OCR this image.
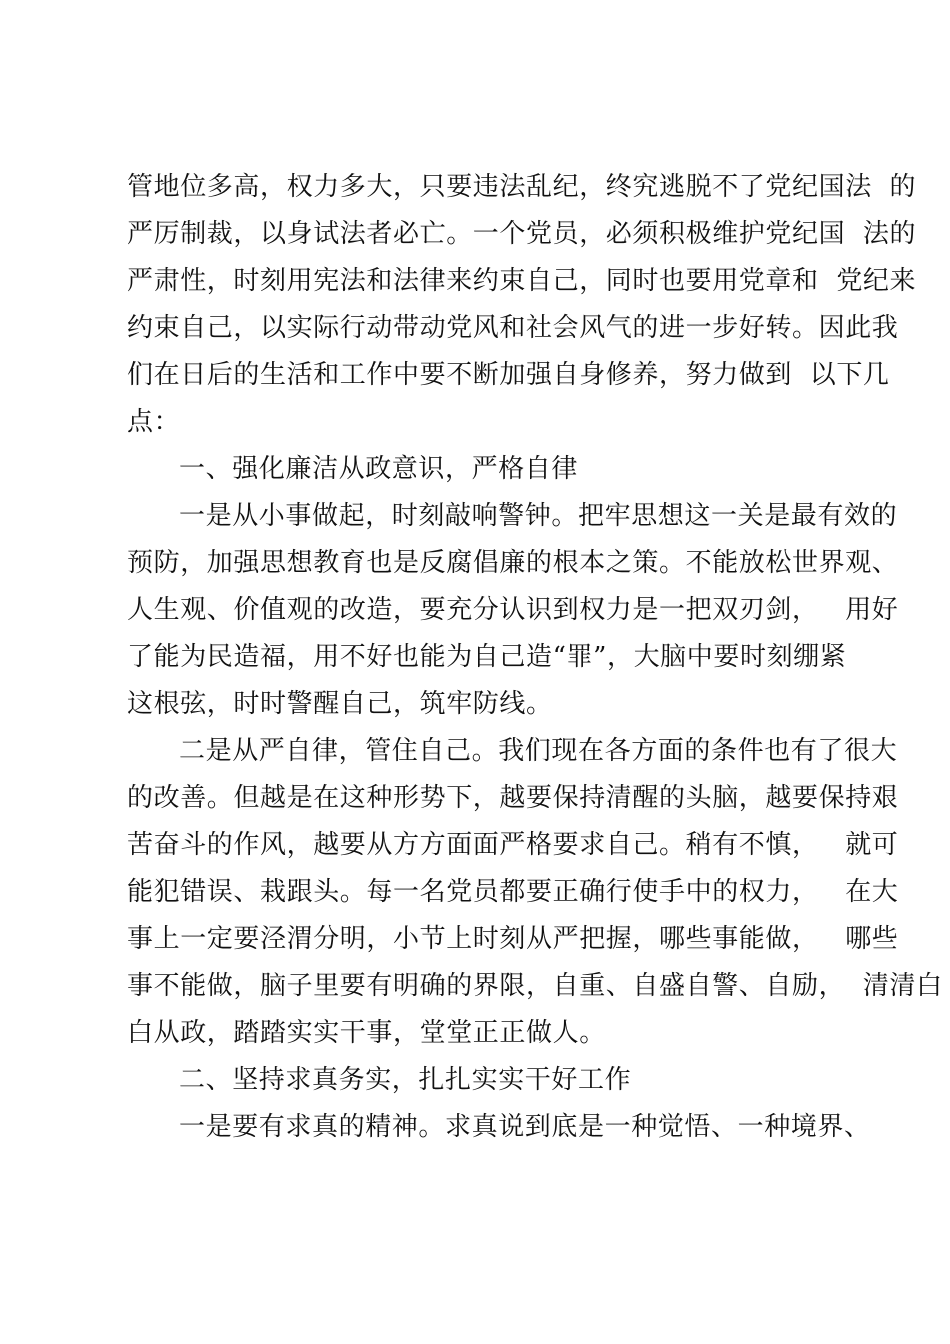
管地位多高，权力多大，只要违法乱纪，终究逃脱不了党纪国法  的
严厉制裁，以身试法者必亡。一个党员，必须积极维护党纪国  法的
严肃性，时刻用宪法和法律来约束自己，同时也要用党章和  党纪来
约束自己，以实际行动带动党风和社会风气的进一步好转。因此我
们在日后的生活和工作中要不断加强自身修养，努力做到  以下几
点：
一、强化廉洁从政意识，严格自律
一是从小事做起，时刻敲响警钟。把牢思想这一关是最有效的
预防，加强思想教育也是反腐倡廉的根本之策。不能放松世界观、
人生观、价值观的改造，要充分认识到权力是一把双刃剑，   用好
了能为民造福，用不好也能为自己造“罪”，大脑中要时刻绷紧
这根弦，时时警醒自己，筑牢防线。
二是从严自律，管住自己。我们现在各方面的条件也有了很大
的改善。但越是在这种形势下，越要保持清醒的头脑，越要保持艰
苦奋斗的作风，越要从方方面面严格要求自己。稍有不慎，   就可
能犯错误、栽跟头。每一名党员都要正确行使手中的权力，   在大
事上一定要泾渭分明，小节上时刻从严把握，哪些事能做，   哪些
事不能做，脑子里要有明确的界限，自重、自盛自警、自励，  清清白
白从政，踏踏实实干事，堂堂正正做人。
二、坚持求真务实，扎扎实实干好工作
一是要有求真的精神。求真说到底是一种觉悟、一种境界、
